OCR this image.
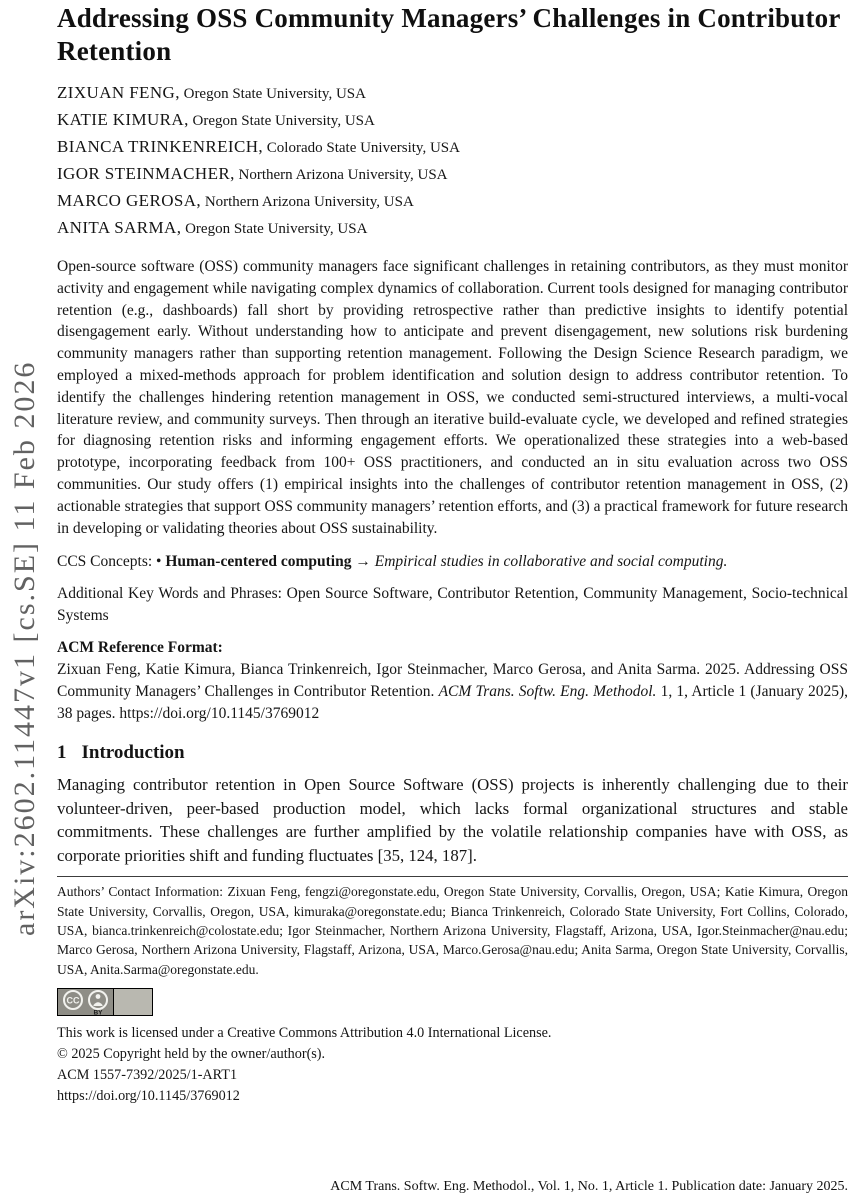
arXiv:2602.11447v1 [cs.SE] 11 Feb 2026
Addressing OSS Community Managers’ Challenges in Contributor Retention
ZIXUAN FENG, Oregon State University, USA
KATIE KIMURA, Oregon State University, USA
BIANCA TRINKENREICH, Colorado State University, USA
IGOR STEINMACHER, Northern Arizona University, USA
MARCO GEROSA, Northern Arizona University, USA
ANITA SARMA, Oregon State University, USA
Open-source software (OSS) community managers face significant challenges in retaining contributors, as they must monitor activity and engagement while navigating complex dynamics of collaboration. Current tools designed for managing contributor retention (e.g., dashboards) fall short by providing retrospective rather than predictive insights to identify potential disengagement early. Without understanding how to anticipate and prevent disengagement, new solutions risk burdening community managers rather than supporting retention management. Following the Design Science Research paradigm, we employed a mixed-methods approach for problem identification and solution design to address contributor retention. To identify the challenges hindering retention management in OSS, we conducted semi-structured interviews, a multi-vocal literature review, and community surveys. Then through an iterative build-evaluate cycle, we developed and refined strategies for diagnosing retention risks and informing engagement efforts. We operationalized these strategies into a web-based prototype, incorporating feedback from 100+ OSS practitioners, and conducted an in situ evaluation across two OSS communities. Our study offers (1) empirical insights into the challenges of contributor retention management in OSS, (2) actionable strategies that support OSS community managers’ retention efforts, and (3) a practical framework for future research in developing or validating theories about OSS sustainability.
CCS Concepts: • Human-centered computing → Empirical studies in collaborative and social computing.
Additional Key Words and Phrases: Open Source Software, Contributor Retention, Community Management, Socio-technical Systems
ACM Reference Format:
Zixuan Feng, Katie Kimura, Bianca Trinkenreich, Igor Steinmacher, Marco Gerosa, and Anita Sarma. 2025. Addressing OSS Community Managers’ Challenges in Contributor Retention. ACM Trans. Softw. Eng. Methodol. 1, 1, Article 1 (January 2025), 38 pages. https://doi.org/10.1145/3769012
1 Introduction
Managing contributor retention in Open Source Software (OSS) projects is inherently challenging due to their volunteer-driven, peer-based production model, which lacks formal organizational structures and stable commitments. These challenges are further amplified by the volatile relationship companies have with OSS, as corporate priorities shift and funding fluctuates [35, 124, 187].
Authors’ Contact Information: Zixuan Feng, fengzi@oregonstate.edu, Oregon State University, Corvallis, Oregon, USA; Katie Kimura, Oregon State University, Corvallis, Oregon, USA, kimuraka@oregonstate.edu; Bianca Trinkenreich, Colorado State University, Fort Collins, Colorado, USA, bianca.trinkenreich@colostate.edu; Igor Steinmacher, Northern Arizona University, Flagstaff, Arizona, USA, Igor.Steinmacher@nau.edu; Marco Gerosa, Northern Arizona University, Flagstaff, Arizona, USA, Marco.Gerosa@nau.edu; Anita Sarma, Oregon State University, Corvallis, USA, Anita.Sarma@oregonstate.edu.
CC
BY
This work is licensed under a Creative Commons Attribution 4.0 International License.
© 2025 Copyright held by the owner/author(s).
ACM 1557-7392/2025/1-ART1
https://doi.org/10.1145/3769012
ACM Trans. Softw. Eng. Methodol., Vol. 1, No. 1, Article 1. Publication date: January 2025.
